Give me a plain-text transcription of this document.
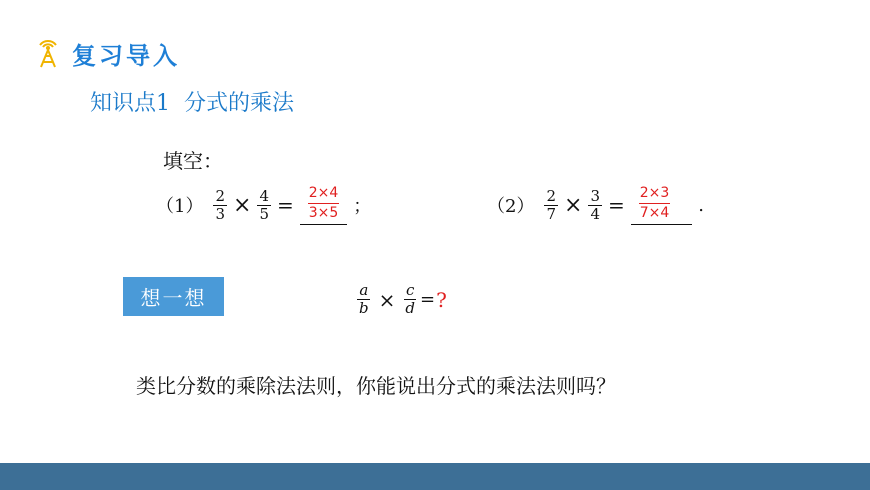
复习导入
知识点1 分式的乘法
填空：
$(1) \frac{2}{3} \times \frac{4}{5} = \frac{2\times 4}{3\times 5}$ ；	$(2) \frac{2}{7} \times \frac{3}{4} = \frac{2\times 3}{7\times 4}$ .
想一想	$\frac{a}{b} \times \frac{c}{d}$ = ?
类比分数的乘除法法则，你能说出分式的乘法法则吗？
